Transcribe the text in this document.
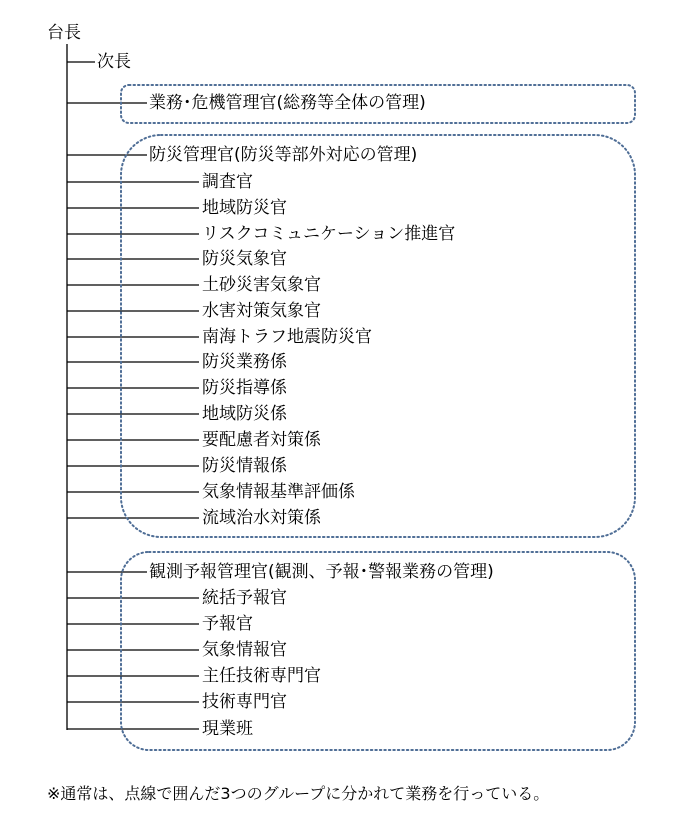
台長
次長
業務･危機管理官(総務等全体の管理)
防災管理官(防災等部外対応の管理)
観測予報管理官(観測、予報･警報業務の管理)
調査官
地域防災官
リスクコミュニケーション推進官
防災気象官
土砂災害気象官
水害対策気象官
南海トラフ地震防災官
防災業務係
防災指導係
地域防災係
要配慮者対策係
防災情報係
気象情報基準評価係
流域治水対策係
統括予報官
予報官
気象情報官
主任技術専門官
技術専門官
現業班
※通常は、点線で囲んだ3つのグループに分かれて業務を行っている。
